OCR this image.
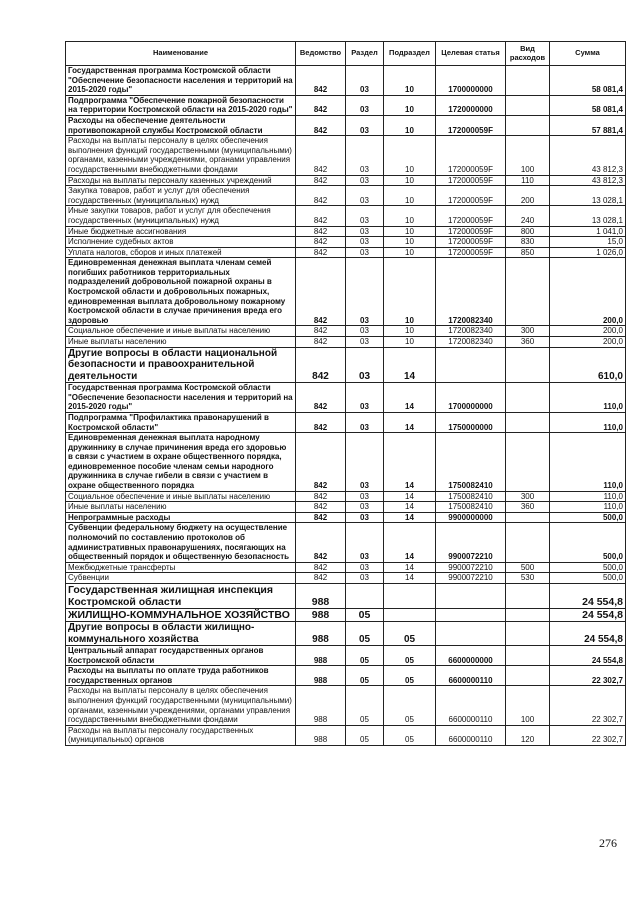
Наименование	Ведомство	Раздел	Подраздел	Целевая статья	Вид расходов	Сумма
Государственная программа Костромской области "Обеспечение безопасности населения и территорий на 2015-2020 годы"	842	03	10	1700000000		58 081,4
Подпрограмма "Обеспечение пожарной безопасности на территории Костромской области на 2015-2020 годы"	842	03	10	1720000000		58 081,4
Расходы на обеспечение деятельности противопожарной службы Костромской области	842	03	10	172000059F		57 881,4
Расходы на выплаты персоналу в целях обеспечения выполнения функций государственными (муниципальными) органами, казенными учреждениями, органами управления государственными внебюджетными фондами	842	03	10	172000059F	100	43 812,3
Расходы на выплаты персоналу казенных учреждений	842	03	10	172000059F	110	43 812,3
Закупка товаров, работ и услуг для обеспечения государственных (муниципальных) нужд	842	03	10	172000059F	200	13 028,1
Иные закупки товаров, работ и услуг для обеспечения государственных (муниципальных) нужд	842	03	10	172000059F	240	13 028,1
Иные бюджетные ассигнования	842	03	10	172000059F	800	1 041,0
Исполнение судебных актов	842	03	10	172000059F	830	15,0
Уплата налогов, сборов и иных платежей	842	03	10	172000059F	850	1 026,0
Единовременная денежная выплата членам семей погибших работников территориальных подразделений добровольной пожарной охраны в Костромской области и добровольных пожарных, единовременная выплата добровольному пожарному Костромской области в случае причинения вреда его здоровью	842	03	10	1720082340		200,0
Социальное обеспечение и иные выплаты населению	842	03	10	1720082340	300	200,0
Иные выплаты населению	842	03	10	1720082340	360	200,0
Другие вопросы в области национальной безопасности и правоохранительной деятельности	842	03	14			610,0
Государственная программа Костромской области "Обеспечение безопасности населения и территорий на 2015-2020 годы"	842	03	14	1700000000		110,0
Подпрограмма "Профилактика правонарушений в Костромской области"	842	03	14	1750000000		110,0
Единовременная денежная выплата народному дружиннику в случае причинения вреда его здоровью в связи с участием в охране общественного порядка, единовременное пособие членам семьи народного дружинника в случае гибели в связи с участием в охране общественного порядка	842	03	14	1750082410		110,0
Социальное обеспечение и иные выплаты населению	842	03	14	1750082410	300	110,0
Иные выплаты населению	842	03	14	1750082410	360	110,0
Непрограммные расходы	842	03	14	9900000000		500,0
Субвенции федеральному бюджету на осуществление полномочий по составлению протоколов об административных правонарушениях, посягающих на общественный порядок и общественную безопасность	842	03	14	9900072210		500,0
Межбюджетные трансферты	842	03	14	9900072210	500	500,0
Субвенции	842	03	14	9900072210	530	500,0
Государственная жилищная инспекция Костромской области	988					24 554,8
ЖИЛИЩНО-КОММУНАЛЬНОЕ ХОЗЯЙСТВО	988	05				24 554,8
Другие вопросы в области жилищно-коммунального хозяйства	988	05	05			24 554,8
Центральный аппарат государственных органов Костромской области	988	05	05	6600000000		24 554,8
Расходы на выплаты по оплате труда работников государственных органов	988	05	05	6600000110		22 302,7
Расходы на выплаты персоналу в целях обеспечения выполнения функций государственными (муниципальными) органами, казенными учреждениями, органами управления государственными внебюджетными фондами	988	05	05	6600000110	100	22 302,7
Расходы на выплаты персоналу государственных (муниципальных) органов	988	05	05	6600000110	120	22 302,7
276
